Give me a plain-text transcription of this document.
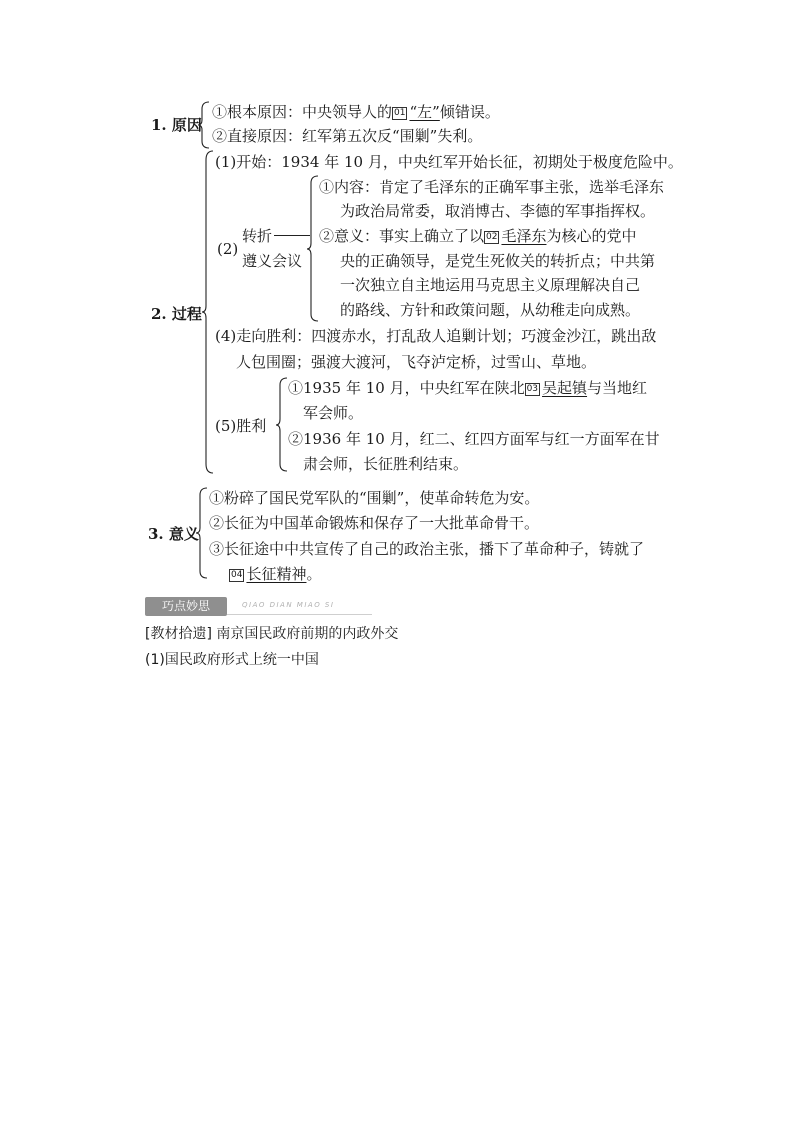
1. 原因
①根本原因：中央领导人的 01 “左”倾错误。
②直接原因：红军第五次反“围剿”失利。
2. 过程
(1)开始：1934 年 10 月，中央红军开始长征，初期处于极度危险中。
(2)
转折
遵义会议
①内容：肯定了毛泽东的正确军事主张，选举毛泽东
为政治局常委，取消博古、李德的军事指挥权。
②意义：事实上确立了以 02 毛泽东为核心的党中
央的正确领导，是党生死攸关的转折点；中共第
一次独立自主地运用马克思主义原理解决自己
的路线、方针和政策问题，从幼稚走向成熟。
(4)走向胜利：四渡赤水，打乱敌人追剿计划；巧渡金沙江，跳出敌
人包围圈；强渡大渡河，飞夺泸定桥，过雪山、草地。
(5)胜利
①1935 年 10 月，中央红军在陕北 03 吴起镇与当地红
军会师。
②1936 年 10 月，红二、红四方面军与红一方面军在甘
肃会师，长征胜利结束。
3. 意义
①粉碎了国民党军队的“围剿”，使革命转危为安。
②长征为中国革命锻炼和保存了一大批革命骨干。
③长征途中中共宣传了自己的政治主张，播下了革命种子，铸就了
04 长征精神。
巧点妙思	QIAO DIAN MIAO SI
[教材拾遗] 南京国民政府前期的内政外交
(1)国民政府形式上统一中国
